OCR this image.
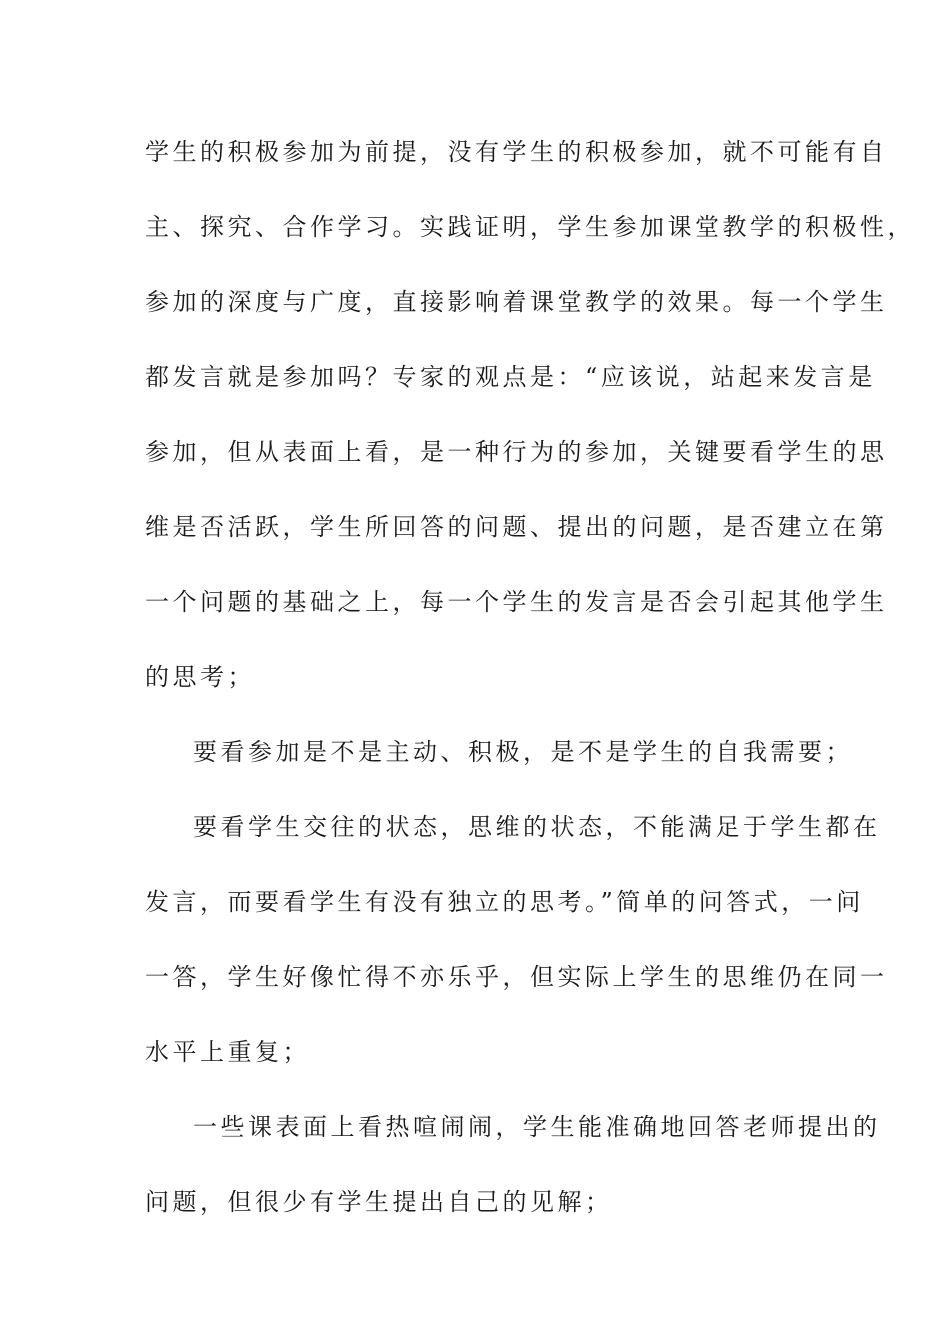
学生的积极参加为前提，没有学生的积极参加，就不可能有自
主、探究、合作学习。实践证明，学生参加课堂教学的积极性，
参加的深度与广度，直接影响着课堂教学的效果。每一个学生
都发言就是参加吗？专家的观点是：“应该说，站起来发言是
参加，但从表面上看，是一种行为的参加，关键要看学生的思
维是否活跃，学生所回答的问题、提出的问题，是否建立在第
一个问题的基础之上，每一个学生的发言是否会引起其他学生
的思考；
要看参加是不是主动、积极，是不是学生的自我需要；
要看学生交往的状态，思维的状态，不能满足于学生都在
发言，而要看学生有没有独立的思考。”简单的问答式，一问
一答，学生好像忙得不亦乐乎，但实际上学生的思维仍在同一
水平上重复；
一些课表面上看热喧闹闹，学生能准确地回答老师提出的
问题，但很少有学生提出自己的见解；
